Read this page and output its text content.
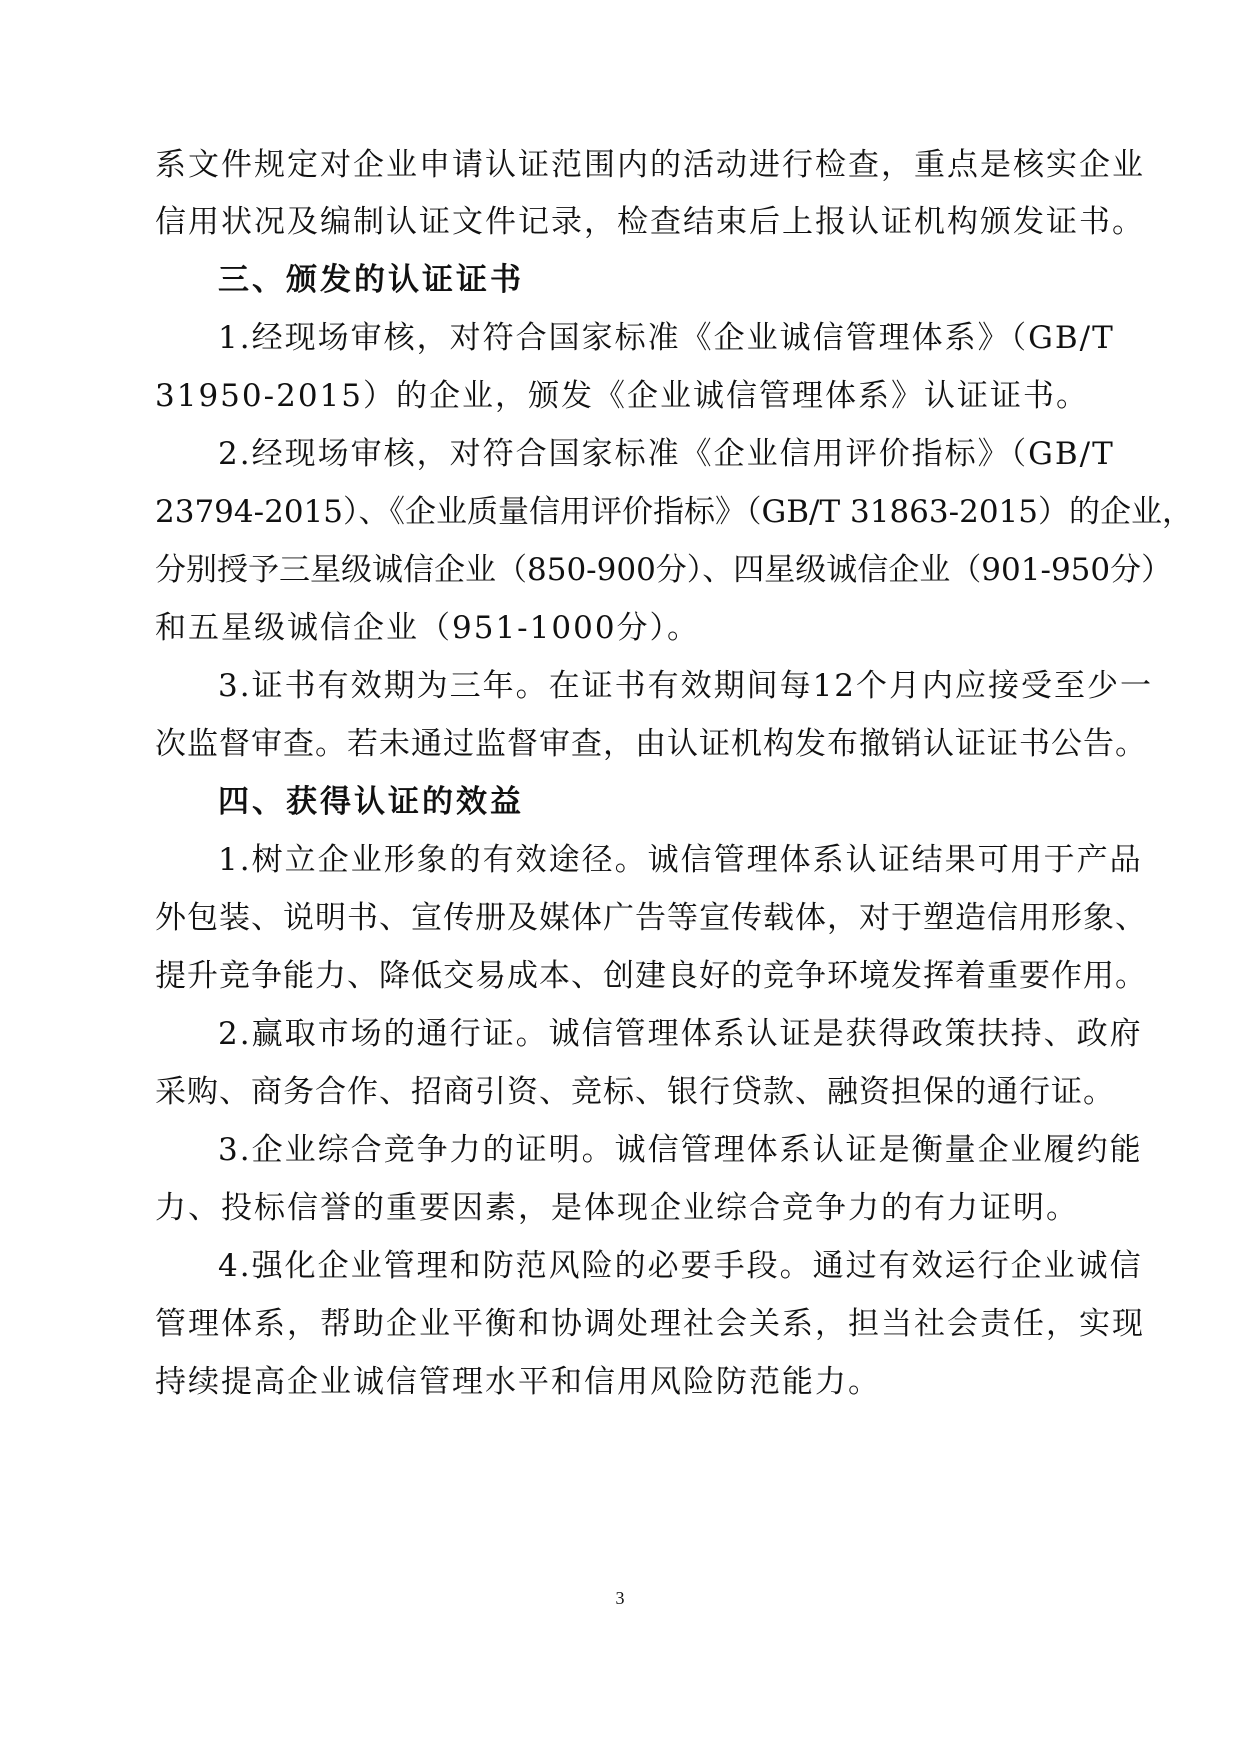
系文件规定对企业申请认证范围内的活动进行检查，重点是核实企业
信用状况及编制认证文件记录，检查结束后上报认证机构颁发证书。
三、颁发的认证证书
1.经现场审核，对符合国家标准《企业诚信管理体系》（GB/T
31950-2015）的企业，颁发《企业诚信管理体系》认证证书。
2.经现场审核，对符合国家标准《企业信用评价指标》（GB/T
23794-2015）、《企业质量信用评价指标》（GB/T 31863-2015）的企业，
分别授予三星级诚信企业（850-900分）、四星级诚信企业（901-950分）
和五星级诚信企业（951-1000分）。
3.证书有效期为三年。在证书有效期间每12个月内应接受至少一
次监督审查。若未通过监督审查，由认证机构发布撤销认证证书公告。
四、获得认证的效益
1.树立企业形象的有效途径。诚信管理体系认证结果可用于产品
外包装、说明书、宣传册及媒体广告等宣传载体，对于塑造信用形象、
提升竞争能力、降低交易成本、创建良好的竞争环境发挥着重要作用。
2.赢取市场的通行证。诚信管理体系认证是获得政策扶持、政府
采购、商务合作、招商引资、竞标、银行贷款、融资担保的通行证。
3.企业综合竞争力的证明。诚信管理体系认证是衡量企业履约能
力、投标信誉的重要因素，是体现企业综合竞争力的有力证明。
4.强化企业管理和防范风险的必要手段。通过有效运行企业诚信
管理体系，帮助企业平衡和协调处理社会关系，担当社会责任，实现
持续提高企业诚信管理水平和信用风险防范能力。
3
